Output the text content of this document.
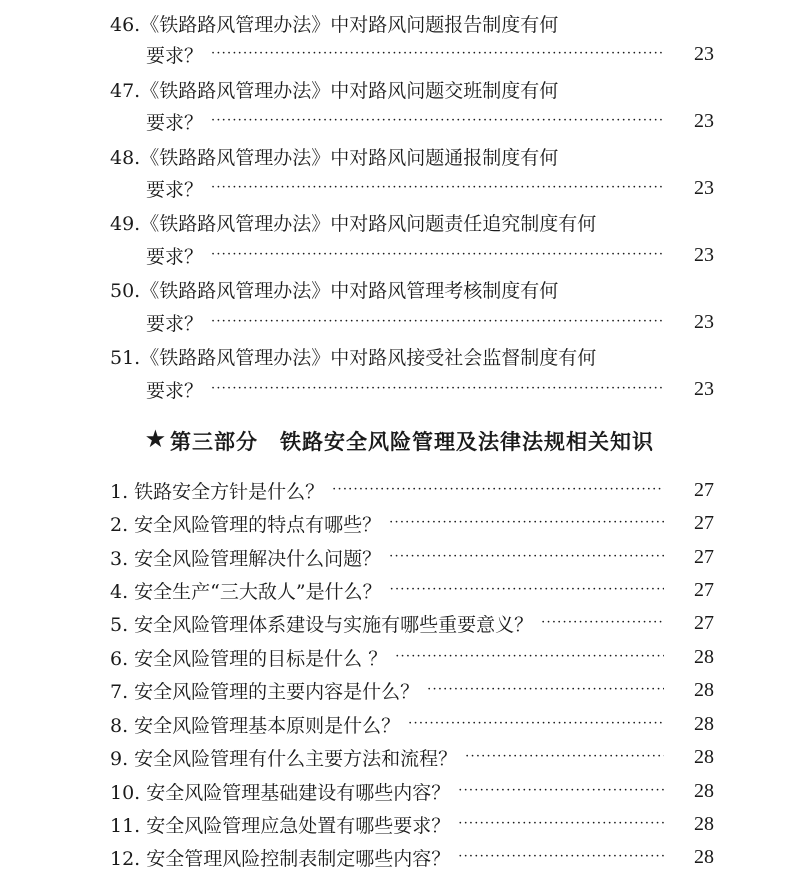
46.《铁路路风管理办法》中对路风问题报告制度有何
要求？ ·····	23
47.《铁路路风管理办法》中对路风问题交班制度有何
要求？ ·····	23
48.《铁路路风管理办法》中对路风问题通报制度有何
要求？ ·····	23
49.《铁路路风管理办法》中对路风问题责任追究制度有何
要求？ ·····	23
50.《铁路路风管理办法》中对路风管理考核制度有何
要求？ ·····	23
51.《铁路路风管理办法》中对路风接受社会监督制度有何
要求？ ·····	23
★ 第三部分　铁路安全风险管理及法律法规相关知识
1. 铁路安全方针是什么？ ·····	27
2. 安全风险管理的特点有哪些？ ·····	27
3. 安全风险管理解决什么问题？ ·····	27
4. 安全生产“三大敌人”是什么？ ·····	27
5. 安全风险管理体系建设与实施有哪些重要意义？ ·····	27
6. 安全风险管理的目标是什么 ？ ·····	28
7. 安全风险管理的主要内容是什么？ ·····	28
8. 安全风险管理基本原则是什么？ ·····	28
9. 安全风险管理有什么主要方法和流程？ ·····	28
10. 安全风险管理基础建设有哪些内容？ ·····	28
11. 安全风险管理应急处置有哪些要求？ ·····	28
12. 安全管理风险控制表制定哪些内容？ ·····	28
